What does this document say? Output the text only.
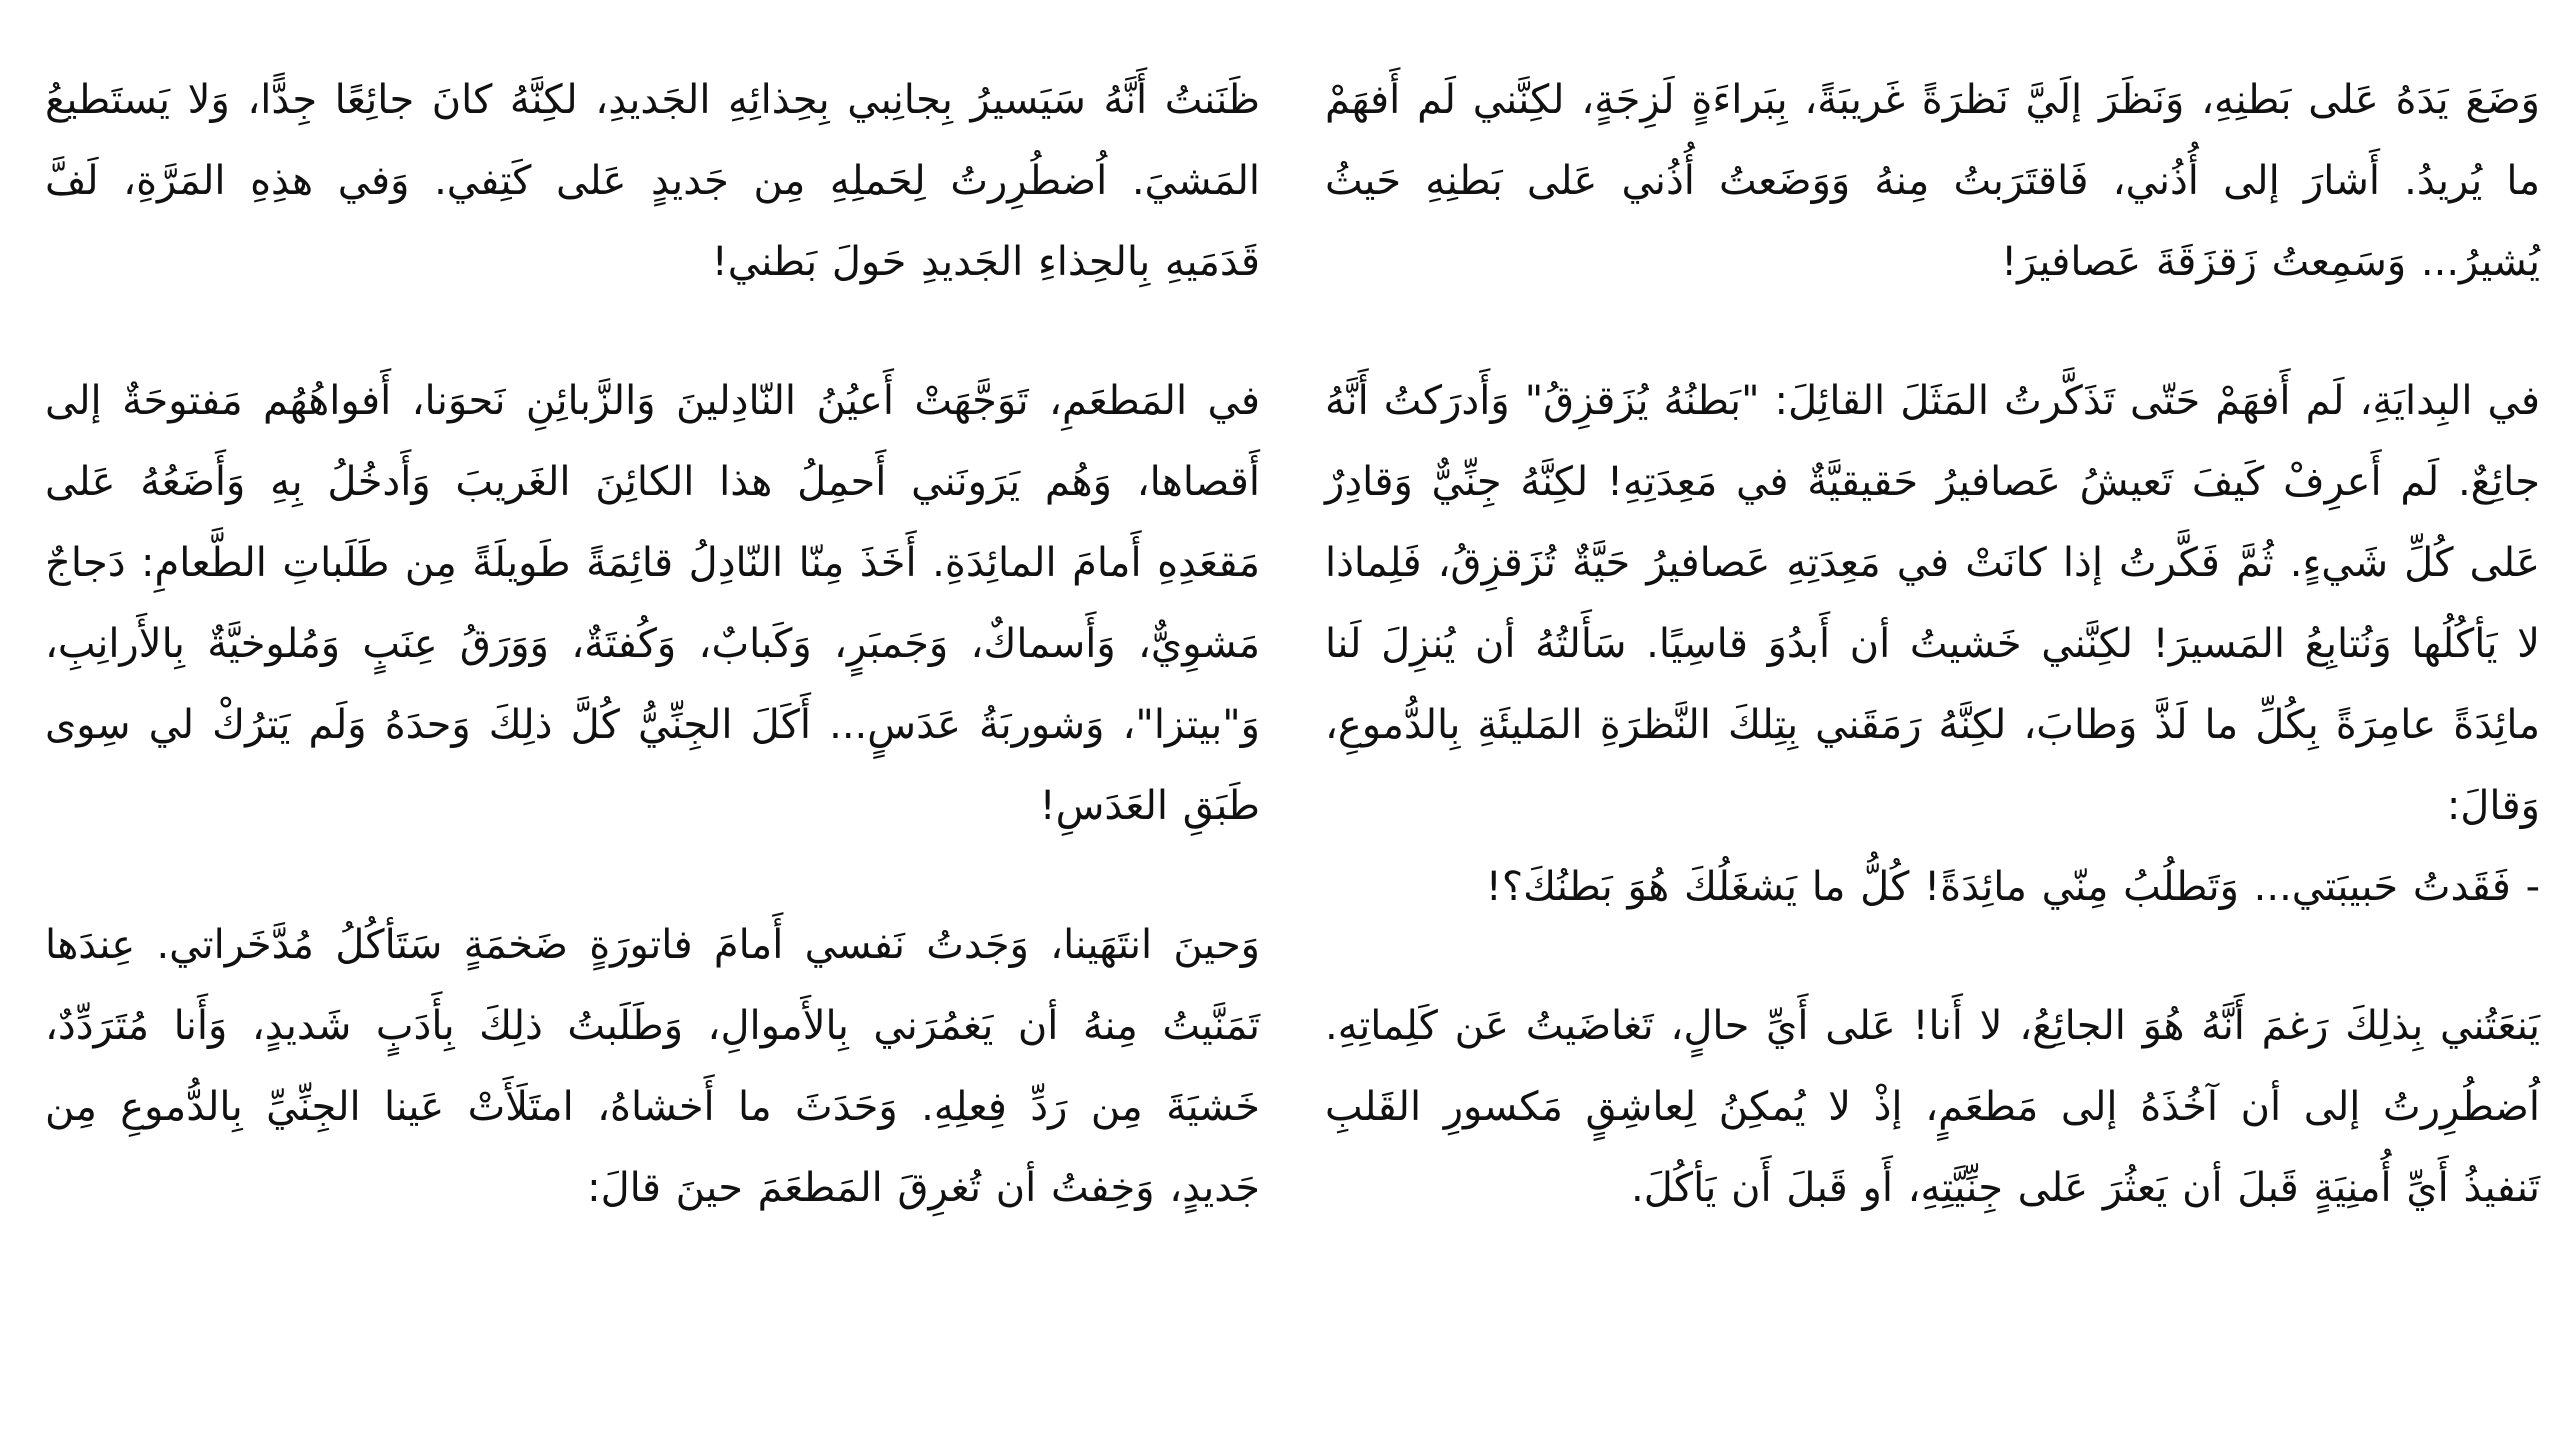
وَضَعَ يَدَهُ عَلى بَطنِهِ، وَنَظَرَ إلَيَّ نَظرَةً غَريبَةً، بِبَراءَةٍ لَزِجَةٍ، لكِنَّني لَم أَفهَمْ ما يُريدُ. أَشارَ إلى أُذُني، فَاقتَرَبتُ مِنهُ وَوَضَعتُ أُذُني عَلى بَطنِهِ حَيثُ يُشيرُ... وَسَمِعتُ زَقزَقَةَ عَصافيرَ!

في البِدايَةِ، لَم أَفهَمْ حَتّى تَذَكَّرتُ المَثَلَ القائِلَ: "بَطنُهُ يُزَقزِقُ" وَأَدرَكتُ أَنَّهُ جائِعٌ. لَم أَعرِفْ كَيفَ تَعيشُ عَصافيرُ حَقيقيَّةٌ في مَعِدَتِهِ! لكِنَّهُ جِنِّيٌّ وَقادِرٌ عَلى كُلِّ شَيءٍ. ثُمَّ فَكَّرتُ إذا كانَتْ في مَعِدَتِهِ عَصافيرُ حَيَّةٌ تُزَقزِقُ، فَلِماذا لا يَأكُلُها وَنُتابِعُ المَسيرَ! لكِنَّني خَشيتُ أن أَبدُوَ قاسِيًا. سَأَلتُهُ أن يُنزِلَ لَنا مائِدَةً عامِرَةً بِكُلِّ ما لَذَّ وَطابَ، لكِنَّهُ رَمَقَني بِتِلكَ النَّظرَةِ المَليئَةِ بِالدُّموعِ، وَقالَ:

- فَقَدتُ حَبيبَتي... وَتَطلُبُ مِنّي مائِدَةً! كُلُّ ما يَشغَلُكَ هُوَ بَطنُكَ؟!

يَنعَتُني بِذلِكَ رَغمَ أَنَّهُ هُوَ الجائِعُ، لا أَنا! عَلى أَيِّ حالٍ، تَغاضَيتُ عَن كَلِماتِهِ. اُضطُرِرتُ إلى أن آخُذَهُ إلى مَطعَمٍ، إذْ لا يُمكِنُ لِعاشِقٍ مَكسورِ القَلبِ تَنفيذُ أَيِّ أُمنِيَةٍ قَبلَ أن يَعثُرَ عَلى جِنِّيَّتِهِ، أَو قَبلَ أَن يَأكُلَ.

ظَنَنتُ أَنَّهُ سَيَسيرُ بِجانِبي بِحِذائِهِ الجَديدِ، لكِنَّهُ كانَ جائِعًا جِدًّا، وَلا يَستَطيعُ المَشيَ. اُضطُرِرتُ لِحَملِهِ مِن جَديدٍ عَلى كَتِفي. وَفي هذِهِ المَرَّةِ، لَفَّ قَدَمَيهِ بِالحِذاءِ الجَديدِ حَولَ بَطني!

في المَطعَمِ، تَوَجَّهَتْ أَعيُنُ النّادِلينَ وَالزَّبائِنِ نَحوَنا، أَفواهُهُم مَفتوحَةٌ إلى أَقصاها، وَهُم يَرَونَني أَحمِلُ هذا الكائِنَ الغَريبَ وَأَدخُلُ بِهِ وَأَضَعُهُ عَلى مَقعَدِهِ أَمامَ المائِدَةِ. أَخَذَ مِنّا النّادِلُ قائِمَةً طَويلَةً مِن طَلَباتِ الطَّعامِ: دَجاجٌ مَشوِيٌّ، وَأَسماكٌ، وَجَمبَرٍ، وَكَبابٌ، وَكُفتَةٌ، وَوَرَقُ عِنَبٍ وَمُلوخيَّةٌ بِالأَرانِبِ، وَ"بيتزا"، وَشوربَةُ عَدَسٍ... أَكَلَ الجِنِّيُّ كُلَّ ذلِكَ وَحدَهُ وَلَم يَترُكْ لي سِوى طَبَقِ العَدَسِ!

وَحينَ انتَهَينا، وَجَدتُ نَفسي أَمامَ فاتورَةٍ ضَخمَةٍ سَتَأكُلُ مُدَّخَراتي. عِندَها تَمَنَّيتُ مِنهُ أن يَغمُرَني بِالأَموالِ، وَطَلَبتُ ذلِكَ بِأَدَبٍ شَديدٍ، وَأَنا مُتَرَدِّدٌ، خَشيَةَ مِن رَدِّ فِعلِهِ. وَحَدَثَ ما أَخشاهُ، امتَلَأَتْ عَينا الجِنِّيِّ بِالدُّموعِ مِن جَديدٍ، وَخِفتُ أن تُغرِقَ المَطعَمَ حينَ قالَ:
